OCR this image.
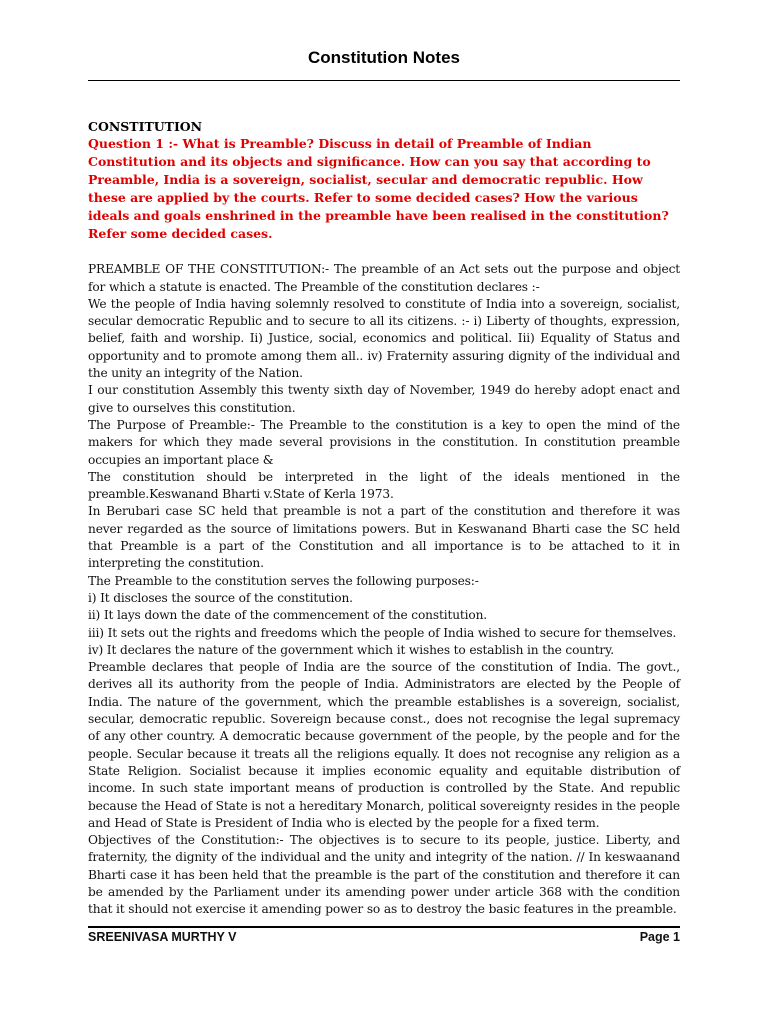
Constitution Notes

CONSTITUTION

Question 1 :- What is Preamble? Discuss in detail of Preamble of Indian Constitution and its objects and significance. How can you say that according to Preamble, India is a sovereign, socialist, secular and democratic republic. How these are applied by the courts. Refer to some decided cases? How the various ideals and goals enshrined in the preamble have been realised in the constitution? Refer some decided cases.

PREAMBLE OF THE CONSTITUTION:- The preamble of an Act sets out the purpose and object for which a statute is enacted. The Preamble of the constitution declares :-

We the people of India having solemnly resolved to constitute of India into a sovereign, socialist, secular democratic Republic and to secure to all its citizens. :- i) Liberty of thoughts, expression, belief, faith and worship. Ii) Justice, social, economics and political. Iii) Equality of Status and opportunity and to promote among them all.. iv) Fraternity assuring dignity of the individual and the unity an integrity of the Nation.

I our constitution Assembly this twenty sixth day of November, 1949 do hereby adopt enact and give to ourselves this constitution.

The Purpose of Preamble:- The Preamble to the constitution is a key to open the mind of the makers for which they made several provisions in the constitution. In constitution preamble occupies an important place &

The constitution should be interpreted in the light of the ideals mentioned in the preamble.Keswanand Bharti v.State of Kerla 1973.

In Berubari case SC held that preamble is not a part of the constitution and therefore it was never regarded as the source of limitations powers. But in Keswanand Bharti case the SC held that Preamble is a part of the Constitution and all importance is to be attached to it in interpreting the constitution.

The Preamble to the constitution serves the following purposes:-

i) It discloses the source of the constitution.

ii) It lays down the date of the commencement of the constitution.

iii) It sets out the rights and freedoms which the people of India wished to secure for themselves.

iv) It declares the nature of the government which it wishes to establish in the country.

Preamble declares that people of India are the source of the constitution of India. The govt., derives all its authority from the people of India. Administrators are elected by the People of India. The nature of the government, which the preamble establishes is a sovereign, socialist, secular, democratic republic. Sovereign because const., does not recognise the legal supremacy of any other country. A democratic because government of the people, by the people and for the people. Secular because it treats all the religions equally. It does not recognise any religion as a State Religion. Socialist because it implies economic equality and equitable distribution of income. In such state important means of production is controlled by the State. And republic because the Head of State is not a hereditary Monarch, political sovereignty resides in the people and Head of State is President of India who is elected by the people for a fixed term.

Objectives of the Constitution:- The objectives is to secure to its people, justice. Liberty, and fraternity, the dignity of the individual and the unity and integrity of the nation. // In keswaanand Bharti case it has been held that the preamble is the part of the constitution and therefore it can be amended by the Parliament under its amending power under article 368 with the condition that it should not exercise it amending power so as to destroy the basic features in the preamble.

SREENIVASA MURTHY V	Page 1
